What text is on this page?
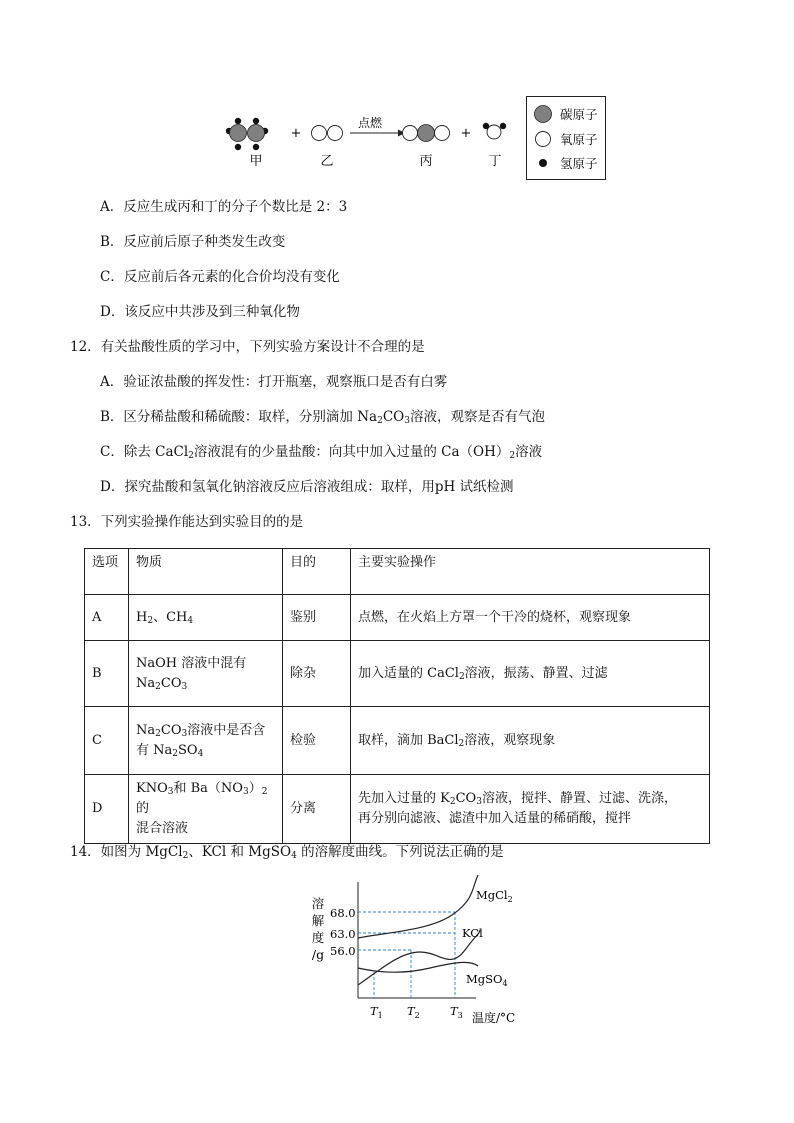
+
点燃
+
甲	乙	丙	丁
碳原子
氧原子
氢原子
A．反应生成丙和丁的分子个数比是 2：3
B．反应前后原子种类发生改变
C．反应前后各元素的化合价均没有变化
D．该反应中共涉及到三种氧化物
12．有关盐酸性质的学习中，下列实验方案设计不合理的是
A．验证浓盐酸的挥发性：打开瓶塞，观察瓶口是否有白雾
B．区分稀盐酸和稀硫酸：取样，分别滴加 $Na_2CO_3$溶液，观察是否有气泡
C．除去 CaCl$_2$溶液混有的少量盐酸：向其中加入过量的 $Ca(OH)_2$溶液
D．探究盐酸和氢氧化钠溶液反应后溶液组成：取样，用pH 试纸检测
13．下列实验操作能达到实验目的的是
选项	物质	目的	主要实验操作
A	$H_2$、$CH_4$	鉴别	点燃，在火焰上方罩一个干冷的烧杯，观察现象
B	NaOH 溶液中混有
$Na_2CO_3$	除杂	加入适量的 CaCl$_2$溶液，振荡、静置、过滤
C	$Na_2CO_3$溶液中是否含
有 $Na_2SO_4$	检验	取样，滴加 BaCl$_2$溶液，观察现象
D	$KNO_3$和 $Ba(NO_3)_2$的
混合溶液	分离	先加入过量的 $K_2CO_3$溶液，搅拌、静置、过滤、洗涤，
再分别向滤液、滤渣中加入适量的稀硝酸，搅拌
14．如图为 MgCl$_2$、KCl 和 MgSO$_4$ 的溶解度曲线。下列说法正确的是
溶
解
度
/g
68.0
63.0
56.0
MgCl$_2$
KCl
MgSO$_4$
$T_1$ $T_2$	$T_3$ 温度/°C
